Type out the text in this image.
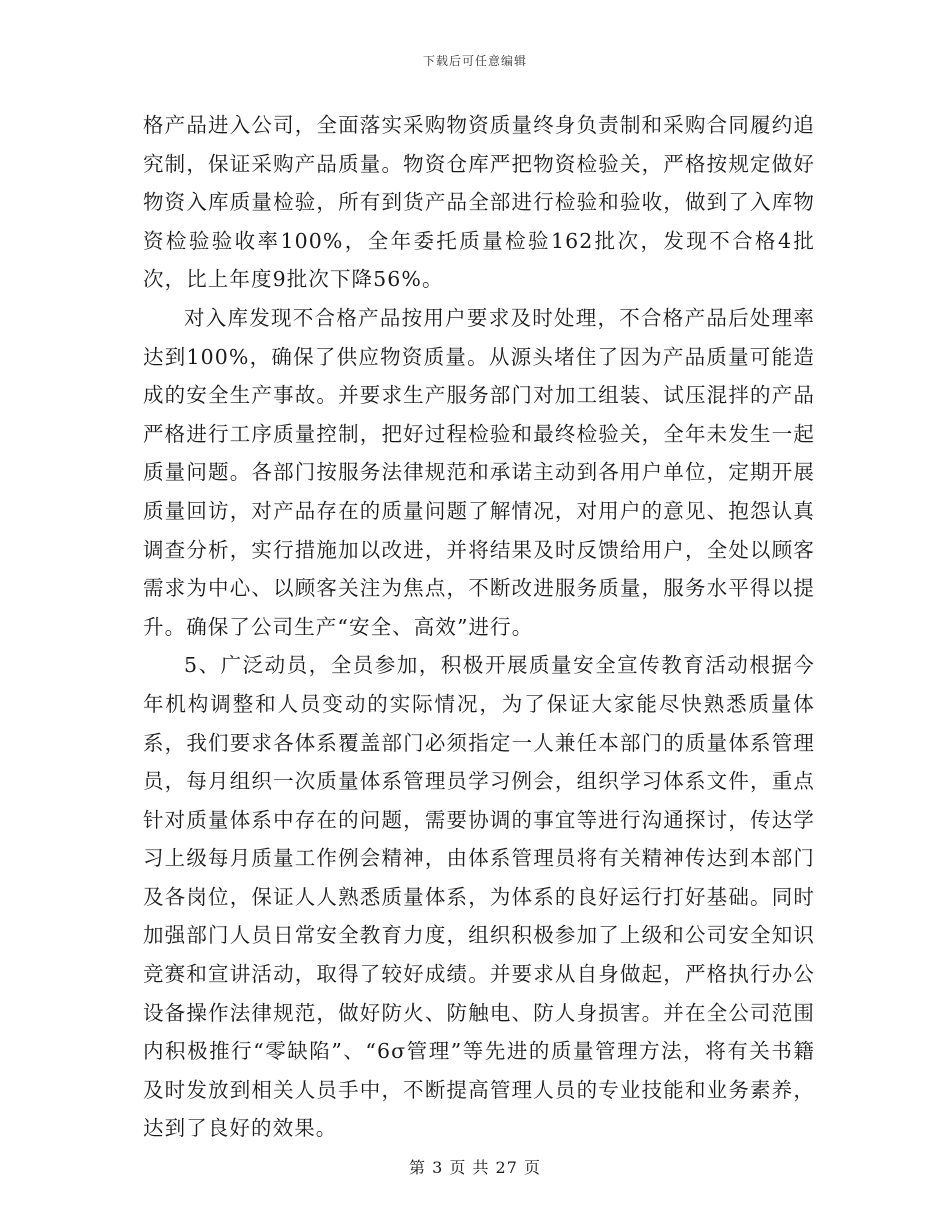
下载后可任意编辑

格产品进入公司，全面落实采购物资质量终身负责制和采购合同履约追究制，保证采购产品质量。物资仓库严把物资检验关，严格按规定做好物资入库质量检验，所有到货产品全部进行检验和验收，做到了入库物资检验验收率100%，全年委托质量检验162批次，发现不合格4批次，比上年度9批次下降56%。

对入库发现不合格产品按用户要求及时处理，不合格产品后处理率达到100%，确保了供应物资质量。从源头堵住了因为产品质量可能造成的安全生产事故。并要求生产服务部门对加工组装、试压混拌的产品严格进行工序质量控制，把好过程检验和最终检验关，全年未发生一起质量问题。各部门按服务法律规范和承诺主动到各用户单位，定期开展质量回访，对产品存在的质量问题了解情况，对用户的意见、抱怨认真调查分析，实行措施加以改进，并将结果及时反馈给用户，全处以顾客需求为中心、以顾客关注为焦点，不断改进服务质量，服务水平得以提升。确保了公司生产“安全、高效”进行。

5、广泛动员，全员参加，积极开展质量安全宣传教育活动根据今年机构调整和人员变动的实际情况，为了保证大家能尽快熟悉质量体系，我们要求各体系覆盖部门必须指定一人兼任本部门的质量体系管理员，每月组织一次质量体系管理员学习例会，组织学习体系文件，重点针对质量体系中存在的问题，需要协调的事宜等进行沟通探讨，传达学习上级每月质量工作例会精神，由体系管理员将有关精神传达到本部门及各岗位，保证人人熟悉质量体系，为体系的良好运行打好基础。同时加强部门人员日常安全教育力度，组织积极参加了上级和公司安全知识竞赛和宣讲活动，取得了较好成绩。并要求从自身做起，严格执行办公设备操作法律规范，做好防火、防触电、防人身损害。并在全公司范围内积极推行“零缺陷”、“6σ管理”等先进的质量管理方法，将有关书籍及时发放到相关人员手中，不断提高管理人员的专业技能和业务素养，达到了良好的效果。

第 3 页 共 27 页
